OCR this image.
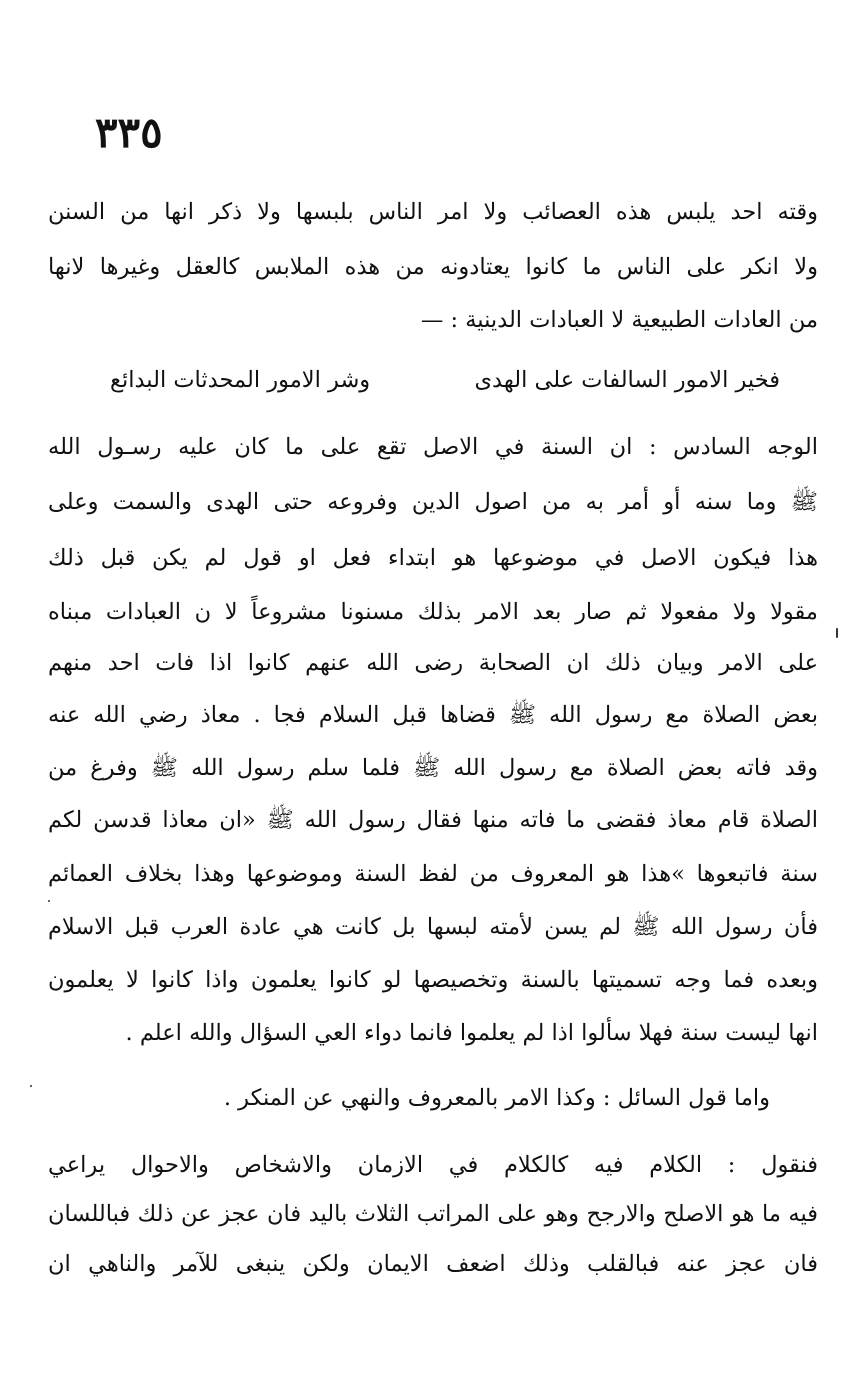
٣٣٥
وقته احد يلبس هذه العصائب ولا امر الناس بلبسها ولا ذكر انها من السنن
ولا انكر على الناس ما كانوا يعتادونه من هذه الملابس كالعقل وغيرها لانها
من العادات الطبيعية لا العبادات الدينية : —
فخير الامور السالفات على الهدى
وشر الامور المحدثات البدائع
الوجه السادس : ان السنة في الاصل تقع على ما كان عليه رسـول الله
ﷺ وما سنه أو أمر به من اصول الدين وفروعه حتى الهدى والسمت وعلى
هذا فيكون الاصل في موضوعها هو ابتداء فعل او قول لم يكن قبل ذلك
مقولا ولا مفعولا ثم صار بعد الامر بذلك مسنونا مشروعاً لا ن العبادات مبناه
على الامر وبيان ذلك ان الصحابة رضى الله عنهم كانوا اذا فات احد منهم
بعض الصلاة مع رسول الله ﷺ قضاها قبل السلام فجا . معاذ رضي الله عنه
وقد فاته بعض الصلاة مع رسول الله ﷺ فلما سلم رسول الله ﷺ وفرغ من
الصلاة قام معاذ فقضى ما فاته منها فقال رسول الله ﷺ «ان معاذا قدسن لكم
سنة فاتبعوها »هذا هو المعروف من لفظ السنة وموضوعها وهذا بخلاف العمائم
فأن رسول الله ﷺ لم يسن لأمته لبسها بل كانت هي عادة العرب قبل الاسلام
وبعده فما وجه تسميتها بالسنة وتخصيصها لو كانوا يعلمون واذا كانوا لا يعلمون
انها ليست سنة فهلا سألوا اذا لم يعلموا فانما دواء العي السؤال والله اعلم .
واما قول السائل : وكذا الامر بالمعروف والنهي عن المنكر .
فنقول : الكلام فيه كالكلام في الازمان والاشخاص والاحوال يراعي
فيه ما هو الاصلح والارجح وهو على المراتب الثلاث باليد فان عجز عن ذلك فباللسان
فان عجز عنه فبالقلب وذلك اضعف الايمان ولكن ينبغى للآمر والناهي ان
